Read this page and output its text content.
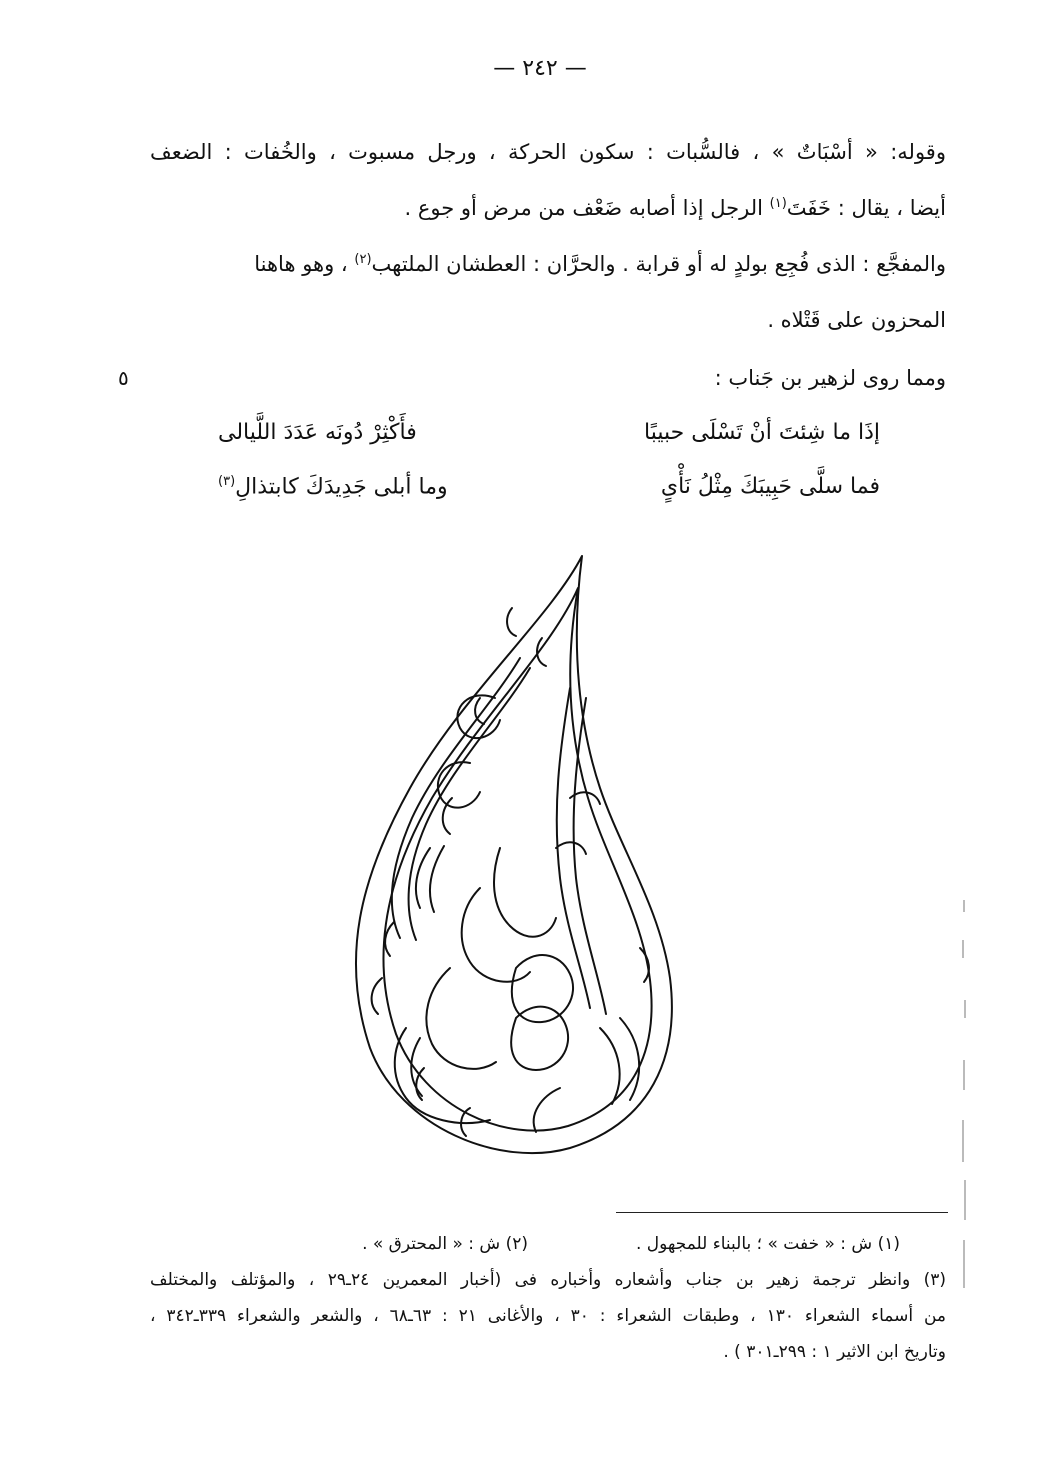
— ٢٤٢ —
وقوله: « أسْبَاتٌ » ، فالسُّبات : سكون الحركة ، ورجل مسبوت ، والخُفات : الضعف
أيضا ، يقال : خَفَتَ$^{(١)}$ الرجل إذا أصابه ضَعْف من مرض أو جوع .
والمفجَّع : الذى فُجِع بولدٍ له أو قرابة . والحرَّان : العطشان الملتهب$^{(٢)}$ ، وهو هاهنا
المحزون على قَتْلاه .
ومما روى لزهير بن جَناب :
٥
إذَا ما شِئتَ أنْ تَسْلَى حبيبًا
فأَكْثِرْ دُونَه عَدَدَ اللَّيالى
فما سلَّى حَبِيبَكَ مِثْلُ نَأْىٍ
وما أبلى جَدِيدَكَ كابتذالِ$^{(٣)}$
(١) ش : « خفت » ؛ بالبناء للمجهول .
(٢) ش : « المحترق » .
(٣) وانظر ترجمة زهير بن جناب وأشعاره وأخباره فى (أخبار المعمرين ٢٤ـ٢٩ ، والمؤتلف والمختلف
من أسماء الشعراء ١٣٠ ، وطبقات الشعراء : ٣٠ ، والأغانى ٢١ : ٦٣ـ٦٨ ، والشعر والشعراء ٣٣٩ـ٣٤٢ ،
وتاريخ ابن الاثير ١ : ٢٩٩ـ٣٠١ ) .
